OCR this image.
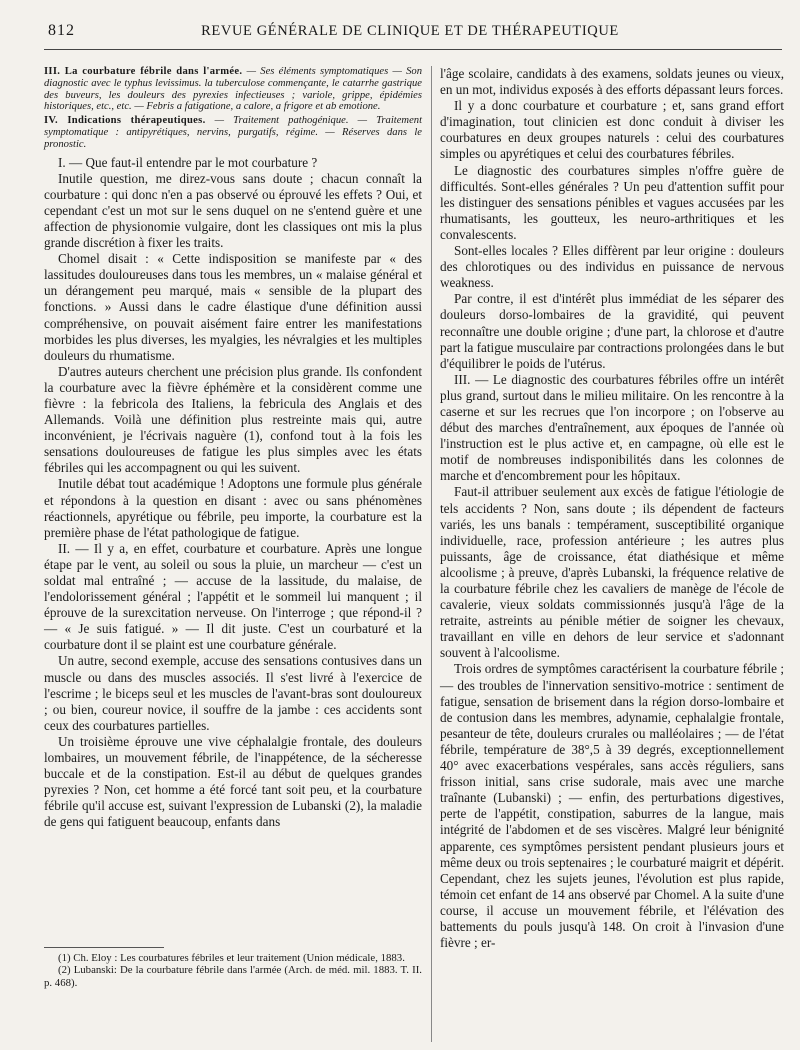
812	REVUE GÉNÉRALE DE CLINIQUE ET DE THÉRAPEUTIQUE

III. La courbature fébrile dans l'armée. — Ses éléments symptomatiques — Son diagnostic avec le typhus levissimus. la tuberculose commençante, le catarrhe gastrique des buveurs, les douleurs des pyrexies infectieuses ; variole, grippe, épidémies historiques, etc., etc. — Febris a fatigatione, a calore, a frigore et ab emotione.

IV. Indications thérapeutiques. — Traitement pathogénique. — Traitement symptomatique : antipyrétiques, nervins, purgatifs, régime. — Réserves dans le pronostic.

I. — Que faut-il entendre par le mot courbature ?

Inutile question, me direz-vous sans doute ; chacun connaît la courbature : qui donc n'en a pas observé ou éprouvé les effets ? Oui, et cependant c'est un mot sur le sens duquel on ne s'entend guère et une affection de physionomie vulgaire, dont les classiques ont mis la plus grande discrétion à fixer les traits.

Chomel disait : « Cette indisposition se manifeste par « des lassitudes douloureuses dans tous les membres, un « malaise général et un dérangement peu marqué, mais « sensible de la plupart des fonctions. » Aussi dans le cadre élastique d'une définition aussi compréhensive, on pouvait aisément faire entrer les manifestations morbides les plus diverses, les myalgies, les névralgies et les multiples douleurs du rhumatisme.

D'autres auteurs cherchent une précision plus grande. Ils confondent la courbature avec la fièvre éphémère et la considèrent comme une fièvre : la febricola des Italiens, la febricula des Anglais et des Allemands. Voilà une définition plus restreinte mais qui, autre inconvénient, je l'écrivais naguère (1), confond tout à la fois les sensations douloureuses de fatigue les plus simples avec les états fébriles qui les accompagnent ou qui les suivent.

Inutile débat tout académique ! Adoptons une formule plus générale et répondons à la question en disant : avec ou sans phénomènes réactionnels, apyrétique ou fébrile, peu importe, la courbature est la première phase de l'état pathologique de fatigue.

II. — Il y a, en effet, courbature et courbature. Après une longue étape par le vent, au soleil ou sous la pluie, un marcheur — c'est un soldat mal entraîné ; — accuse de la lassitude, du malaise, de l'endolorissement général ; l'appétit et le sommeil lui manquent ; il éprouve de la surexcitation nerveuse. On l'interroge ; que répond-il ? — « Je suis fatigué. » — Il dit juste. C'est un courbaturé et la courbature dont il se plaint est une courbature générale.

Un autre, second exemple, accuse des sensations contusives dans un muscle ou dans des muscles associés. Il s'est livré à l'exercice de l'escrime ; le biceps seul et les muscles de l'avant-bras sont douloureux ; ou bien, coureur novice, il souffre de la jambe : ces accidents sont ceux des courbatures partielles.

Un troisième éprouve une vive céphalalgie frontale, des douleurs lombaires, un mouvement fébrile, de l'inappétence, de la sécheresse buccale et de la constipation. Est-il au début de quelques grandes pyrexies ? Non, cet homme a été forcé tant soit peu, et la courbature fébrile qu'il accuse est, suivant l'expression de Lubanski (2), la maladie de gens qui fatiguent beaucoup, enfants dans

l'âge scolaire, candidats à des examens, soldats jeunes ou vieux, en un mot, individus exposés à des efforts dépassant leurs forces.

Il y a donc courbature et courbature ; et, sans grand effort d'imagination, tout clinicien est donc conduit à diviser les courbatures en deux groupes naturels : celui des courbatures simples ou apyrétiques et celui des courbatures fébriles.

Le diagnostic des courbatures simples n'offre guère de difficultés. Sont-elles générales ? Un peu d'attention suffit pour les distinguer des sensations pénibles et vagues accusées par les rhumatisants, les goutteux, les neuro-arthritiques et les convalescents.

Sont-elles locales ? Elles diffèrent par leur origine : douleurs des chlorotiques ou des individus en puissance de nervous weakness.

Par contre, il est d'intérêt plus immédiat de les séparer des douleurs dorso-lombaires de la gravidité, qui peuvent reconnaître une double origine ; d'une part, la chlorose et d'autre part la fatigue musculaire par contractions prolongées dans le but d'équilibrer le poids de l'utérus.

III. — Le diagnostic des courbatures fébriles offre un intérêt plus grand, surtout dans le milieu militaire. On les rencontre à la caserne et sur les recrues que l'on incorpore ; on l'observe au début des marches d'entraînement, aux époques de l'année où l'instruction est le plus active et, en campagne, où elle est le motif de nombreuses indisponibilités dans les colonnes de marche et d'encombrement pour les hôpitaux.

Faut-il attribuer seulement aux excès de fatigue l'étiologie de tels accidents ? Non, sans doute ; ils dépendent de facteurs variés, les uns banals : tempérament, susceptibilité organique individuelle, race, profession antérieure ; les autres plus puissants, âge de croissance, état diathésique et même alcoolisme ; à preuve, d'après Lubanski, la fréquence relative de la courbature fébrile chez les cavaliers de manège de l'école de cavalerie, vieux soldats commissionnés jusqu'à l'âge de la retraite, astreints au pénible métier de soigner les chevaux, travaillant en ville en dehors de leur service et s'adonnant souvent à l'alcoolisme.

Trois ordres de symptômes caractérisent la courbature fébrile ; — des troubles de l'innervation sensitivo-motrice : sentiment de fatigue, sensation de brisement dans la région dorso-lombaire et de contusion dans les membres, adynamie, cephalalgie frontale, pesanteur de tête, douleurs crurales ou malléolaires ; — de l'état fébrile, température de 38°,5 à 39 degrés, exceptionnellement 40° avec exacerbations vespérales, sans accès réguliers, sans frisson initial, sans crise sudorale, mais avec une marche traînante (Lubanski) ; — enfin, des perturbations digestives, perte de l'appétit, constipation, saburres de la langue, mais intégrité de l'abdomen et de ses viscères. Malgré leur bénignité apparente, ces symptômes persistent pendant plusieurs jours et même deux ou trois septenaires ; le courbaturé maigrit et dépérit. Cependant, chez les sujets jeunes, l'évolution est plus rapide, témoin cet enfant de 14 ans observé par Chomel. A la suite d'une course, il accuse un mouvement fébrile, et l'élévation des battements du pouls jusqu'à 148. On croit à l'invasion d'une fièvre ; er-

(1) Ch. Eloy : Les courbatures fébriles et leur traitement (Union médicale, 1883.

(2) Lubanski: De la courbature fébrile dans l'armée (Arch. de méd. mil. 1883. T. II. p. 468).
